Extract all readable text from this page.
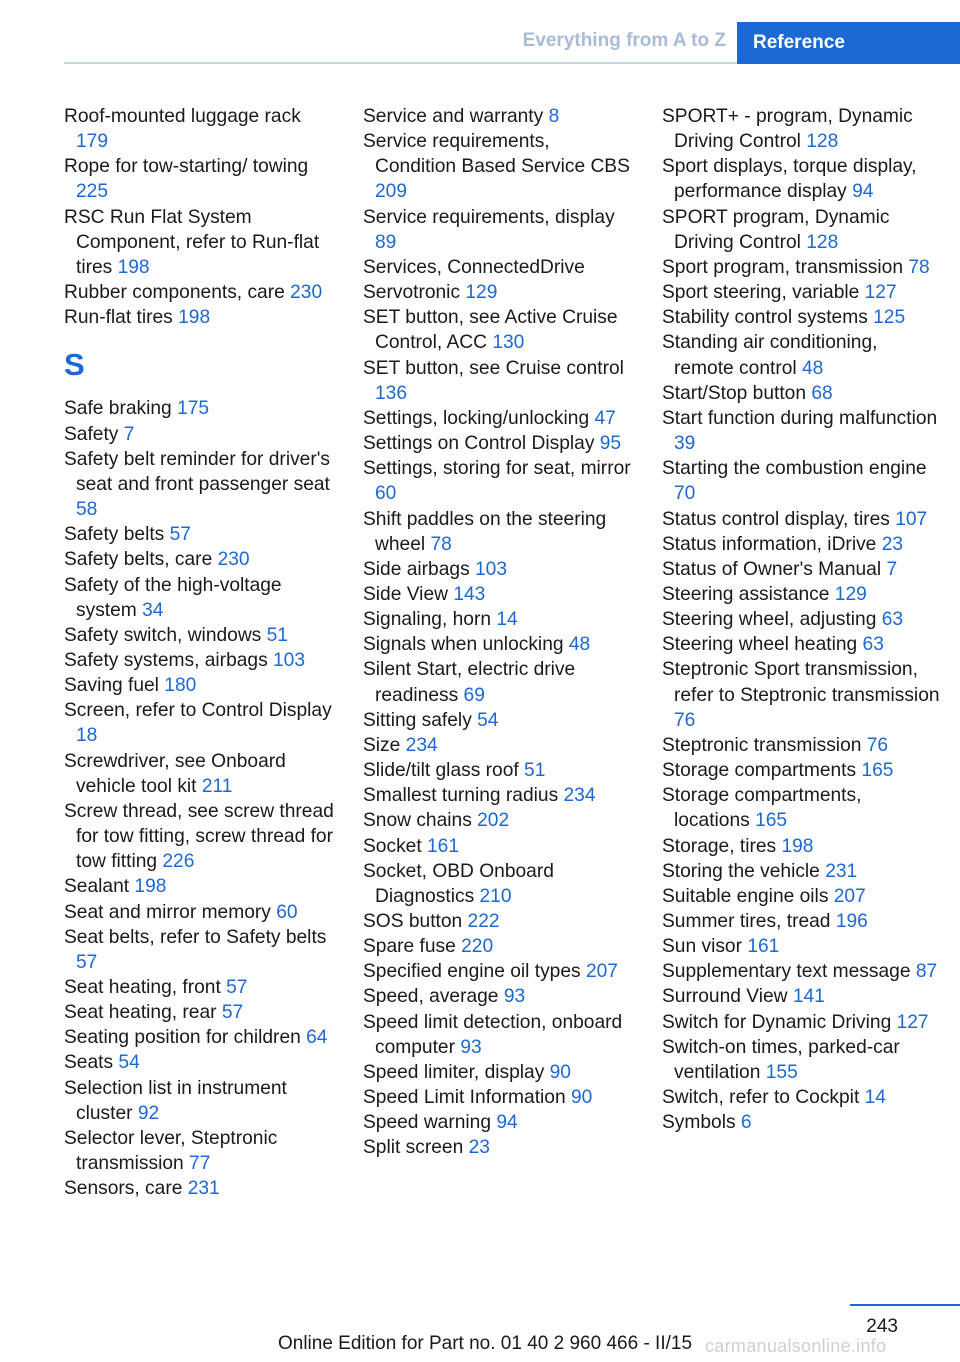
Everything from A to Z	Reference

Roof-mounted luggage rack 179

Rope for tow-starting/ towing 225

RSC Run Flat System Component, refer to Run-flat tires 198

Rubber components, care 230

Run-flat tires 198

S

Safe braking 175

Safety 7

Safety belt reminder for driver's seat and front passenger seat 58

Safety belts 57

Safety belts, care 230

Safety of the high-voltage system 34

Safety switch, windows 51

Safety systems, airbags 103

Saving fuel 180

Screen, refer to Control Display 18

Screwdriver, see Onboard vehicle tool kit 211

Screw thread, see screw thread for tow fitting, screw thread for tow fitting 226

Sealant 198

Seat and mirror memory 60

Seat belts, refer to Safety belts 57

Seat heating, front 57

Seat heating, rear 57

Seating position for children 64

Seats 54

Selection list in instrument cluster 92

Selector lever, Steptronic transmission 77

Sensors, care 231

Service and warranty 8

Service requirements, Condition Based Service CBS 209

Service requirements, display 89

Services, ConnectedDrive

Servotronic 129

SET button, see Active Cruise Control, ACC 130

SET button, see Cruise control 136

Settings, locking/unlocking 47

Settings on Control Display 95

Settings, storing for seat, mirror 60

Shift paddles on the steering wheel 78

Side airbags 103

Side View 143

Signaling, horn 14

Signals when unlocking 48

Silent Start, electric drive readiness 69

Sitting safely 54

Size 234

Slide/tilt glass roof 51

Smallest turning radius 234

Snow chains 202

Socket 161

Socket, OBD Onboard Diagnostics 210

SOS button 222

Spare fuse 220

Specified engine oil types 207

Speed, average 93

Speed limit detection, onboard computer 93

Speed limiter, display 90

Speed Limit Information 90

Speed warning 94

Split screen 23

SPORT+ - program, Dynamic Driving Control 128

Sport displays, torque display, performance display 94

SPORT program, Dynamic Driving Control 128

Sport program, transmission 78

Sport steering, variable 127

Stability control systems 125

Standing air conditioning, remote control 48

Start/Stop button 68

Start function during malfunction 39

Starting the combustion engine 70

Status control display, tires 107

Status information, iDrive 23

Status of Owner's Manual 7

Steering assistance 129

Steering wheel, adjusting 63

Steering wheel heating 63

Steptronic Sport transmission, refer to Steptronic transmission 76

Steptronic transmission 76

Storage compartments 165

Storage compartments, locations 165

Storage, tires 198

Storing the vehicle 231

Suitable engine oils 207

Summer tires, tread 196

Sun visor 161

Supplementary text message 87

Surround View 141

Switch for Dynamic Driving 127

Switch-on times, parked-car ventilation 155

Switch, refer to Cockpit 14

Symbols 6

243
Online Edition for Part no. 01 40 2 960 466 - II/15 carmanualsonline.info
